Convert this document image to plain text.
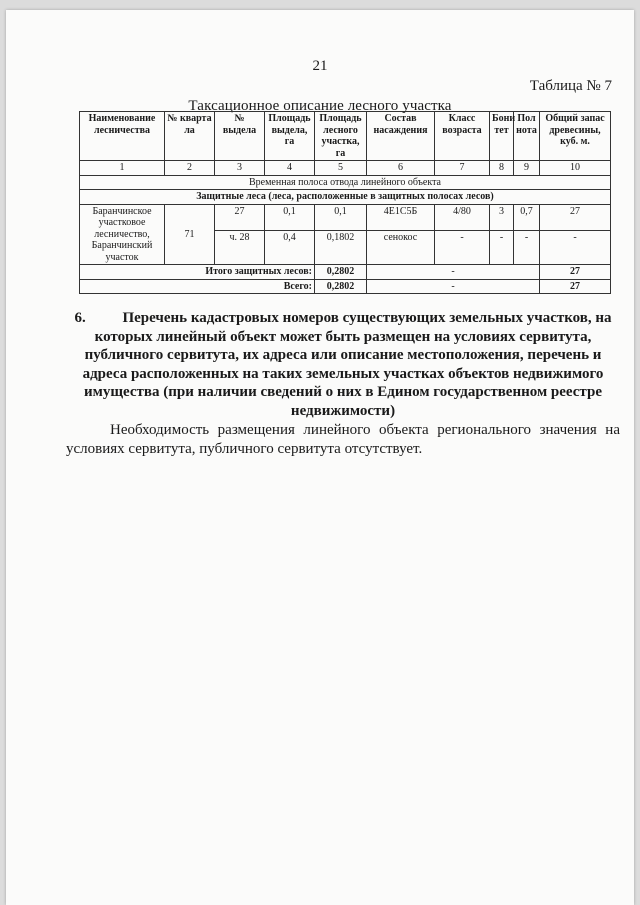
21
Таблица № 7
Таксационное описание лесного участка
Наименование лесничества	№ кварта ла	№ выдела	Площадь выдела, га	Площадь лесного участка, га	Состав насаждения	Класс возраста	Бони тет	Пол нота	Общий запас древесины, куб. м.
1	2	3	4	5	6	7	8	9	10
Временная полоса отвода линейного объекта									
Защитные леса (леса, расположенные в защитных полосах лесов)									
Баранчинское участковое лесничество, Баранчинский участок	71	27	0,1	0,1	4Е1С5Б	4/80	3	0,7	27
		ч. 28	0,4	0,1802	сенокос	-	-	-	-
Итого защитных лесов:				0,2802	-				27
Всего:				0,2802	-				27
6. Перечень кадастровых номеров существующих земельных участков, на которых линейный объект может быть размещен на условиях сервитута, публичного сервитута, их адреса или описание местоположения, перечень и адреса расположенных на таких земельных участках объектов недвижимого имущества (при наличии сведений о них в Едином государственном реестре недвижимости)
Необходимость размещения линейного объекта регионального значения на условиях сервитута, публичного сервитута отсутствует.
